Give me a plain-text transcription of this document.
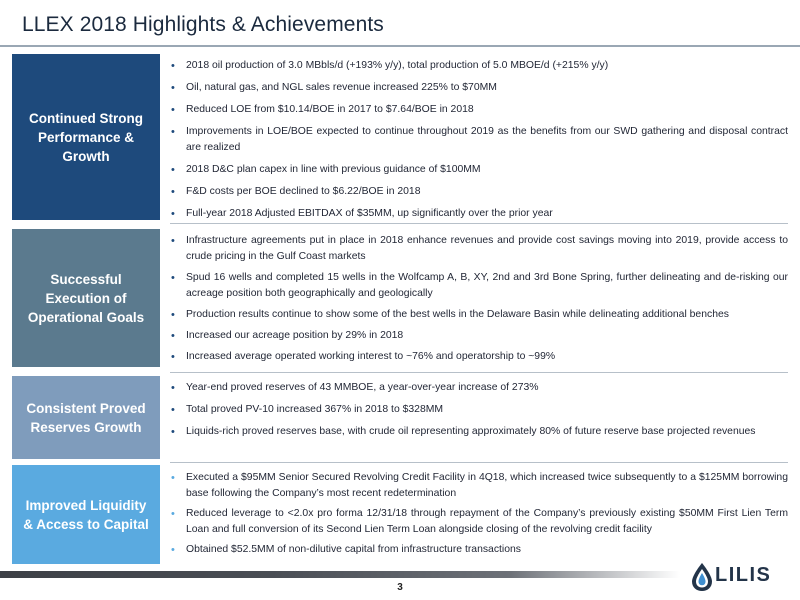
LLEX 2018 Highlights & Achievements
Continued Strong
Performance &
Growth
• 2018 oil production of 3.0 MBbls/d (+193% y/y), total production of 5.0 MBOE/d (+215% y/y)
• Oil, natural gas, and NGL sales revenue increased 225% to $70MM
• Reduced LOE from $10.14/BOE in 2017 to $7.64/BOE in 2018
• Improvements in LOE/BOE expected to continue throughout 2019 as the benefits from our SWD gathering and disposal contract are realized
• 2018 D&C plan capex in line with previous guidance of $100MM
• F&D costs per BOE declined to $6.22/BOE in 2018
• Full-year 2018 Adjusted EBITDAX of $35MM, up significantly over the prior year
Successful
Execution of
Operational Goals
• Infrastructure agreements put in place in 2018 enhance revenues and provide cost savings moving into 2019, provide access to crude pricing in the Gulf Coast markets
• Spud 16 wells and completed 15 wells in the Wolfcamp A, B, XY, 2nd and 3rd Bone Spring, further delineating and de-risking our acreage position both geographically and geologically
• Production results continue to show some of the best wells in the Delaware Basin while delineating additional benches
• Increased our acreage position by 29% in 2018
• Increased average operated working interest to ~76% and operatorship to ~99%
Consistent Proved
Reserves Growth
• Year-end proved reserves of 43 MMBOE, a year-over-year increase of 273%
• Total proved PV-10 increased 367% in 2018 to $328MM
• Liquids-rich proved reserves base, with crude oil representing approximately 80% of future reserve base projected revenues
Improved Liquidity
& Access to Capital
• Executed a $95MM Senior Secured Revolving Credit Facility in 4Q18, which increased twice subsequently to a $125MM borrowing base following the Company’s most recent redetermination
• Reduced leverage to <2.0x pro forma 12/31/18 through repayment of the Company’s previously existing $50MM First Lien Term Loan and full conversion of its Second Lien Term Loan alongside closing of the revolving credit facility
• Obtained $52.5MM of non-dilutive capital from infrastructure transactions
3
LILIS
